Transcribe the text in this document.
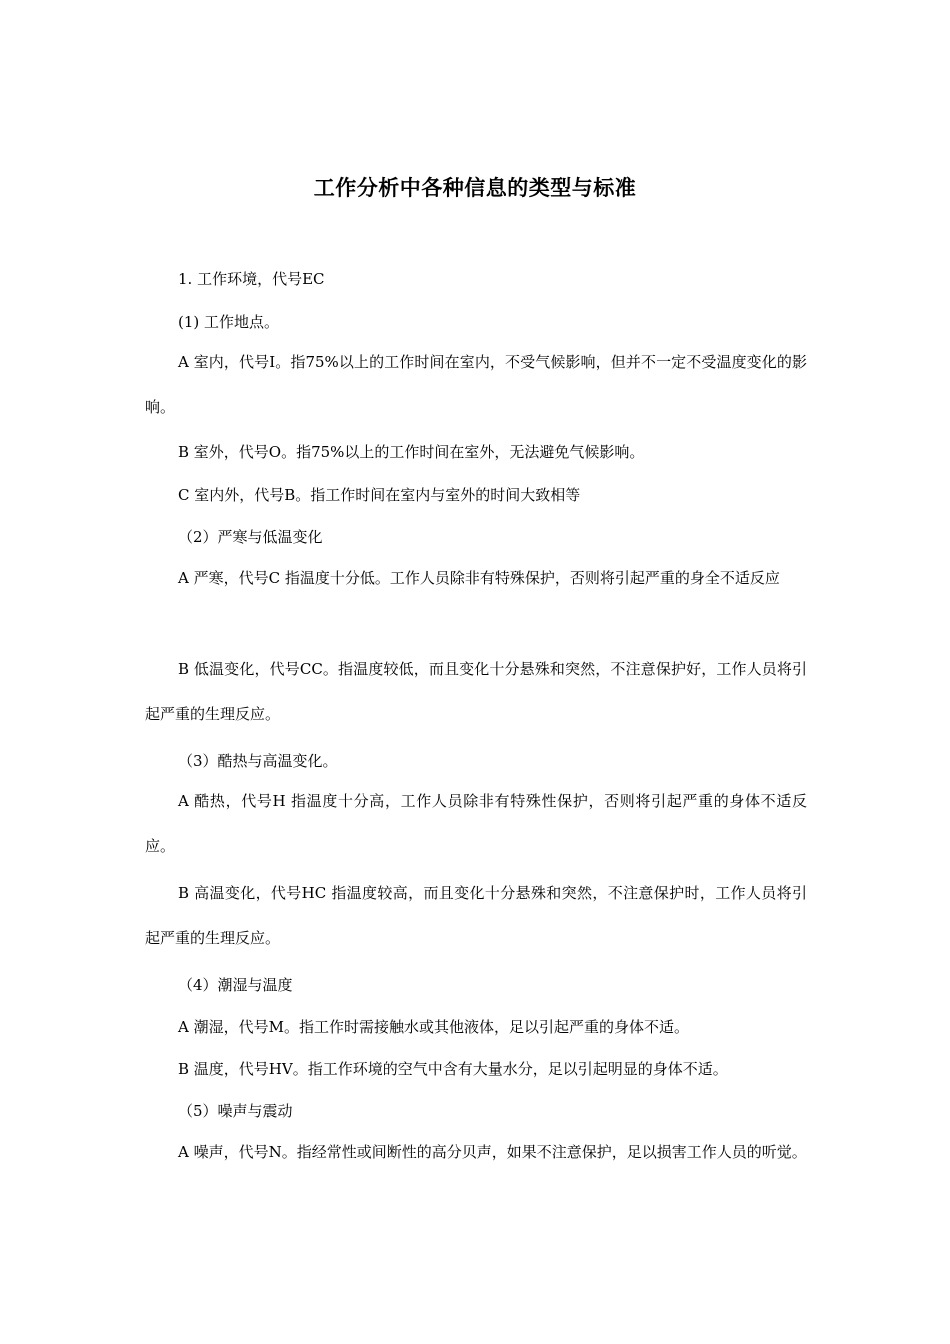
工作分析中各种信息的类型与标准
1. 工作环境，代号EC
(1) 工作地点。
A 室内，代号I。指75%以上的工作时间在室内，不受气候影响，但并不一定不受温度变化的影响。
B 室外，代号O。指75%以上的工作时间在室外，无法避免气候影响。
C 室内外，代号B。指工作时间在室内与室外的时间大致相等
（2）严寒与低温变化
A 严寒，代号C 指温度十分低。工作人员除非有特殊保护，否则将引起严重的身全不适反应
B 低温变化，代号CC。指温度较低，而且变化十分悬殊和突然，不注意保护好，工作人员将引起严重的生理反应。
（3）酷热与高温变化。
A 酷热，代号H 指温度十分高，工作人员除非有特殊性保护，否则将引起严重的身体不适反应。
B 高温变化，代号HC 指温度较高，而且变化十分悬殊和突然，不注意保护时，工作人员将引起严重的生理反应。
（4）潮湿与温度
A 潮湿，代号M。指工作时需接触水或其他液体，足以引起严重的身体不适。
B 温度，代号HV。指工作环境的空气中含有大量水分，足以引起明显的身体不适。
（5）噪声与震动
A 噪声，代号N。指经常性或间断性的高分贝声，如果不注意保护，足以损害工作人员的听觉。
